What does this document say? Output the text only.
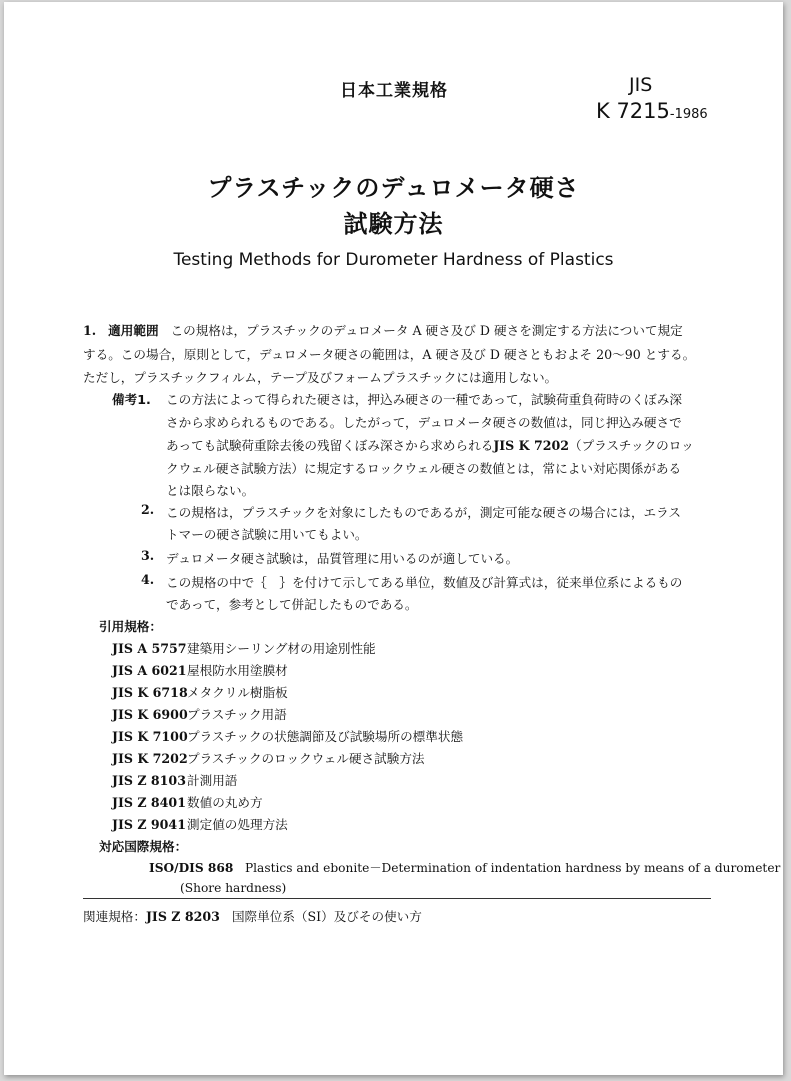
日本工業規格	JIS
K 7215-1986
プラスチックのデュロメータ硬さ
試験方法
Testing Methods for Durometer Hardness of Plastics
1. 適用範囲 この規格は，プラスチックのデュロメータ A 硬さ及び D 硬さを測定する方法について規定
する。この場合，原則として，デュロメータ硬さの範囲は，A 硬さ及び D 硬さともおよそ 20〜90 とする。
ただし，プラスチックフィルム，テープ及びフォームプラスチックには適用しない。
備考1. この方法によって得られた硬さは，押込み硬さの一種であって，試験荷重負荷時のくぼみ深
さから求められるものである。したがって，デュロメータ硬さの数値は，同じ押込み硬さで
あっても試験荷重除去後の残留くぼみ深さから求められるJIS K 7202（プラスチックのロッ
クウェル硬さ試験方法）に規定するロックウェル硬さの数値とは，常によい対応関係がある
とは限らない。
2. この規格は，プラスチックを対象にしたものであるが，測定可能な硬さの場合には，エラス
トマーの硬さ試験に用いてもよい。
3. デュロメータ硬さ試験は，品質管理に用いるのが適している。
4. この規格の中で｛　｝を付けて示してある単位，数値及び計算式は，従来単位系によるもの
であって，参考として併記したものである。
引用規格：
JIS A 5757建築用シーリング材の用途別性能
JIS A 6021屋根防水用塗膜材
JIS K 6718メタクリル樹脂板
JIS K 6900プラスチック用語
JIS K 7100プラスチックの状態調節及び試験場所の標準状態
JIS K 7202プラスチックのロックウェル硬さ試験方法
JIS Z 8103計測用語
JIS Z 8401数値の丸め方
JIS Z 9041測定値の処理方法
対応国際規格：
ISO/DIS 868 Plastics and ebonite－Determination of indentation hardness by means of a durometer
(Shore hardness)
関連規格：JIS Z 8203 国際単位系（SI）及びその使い方
